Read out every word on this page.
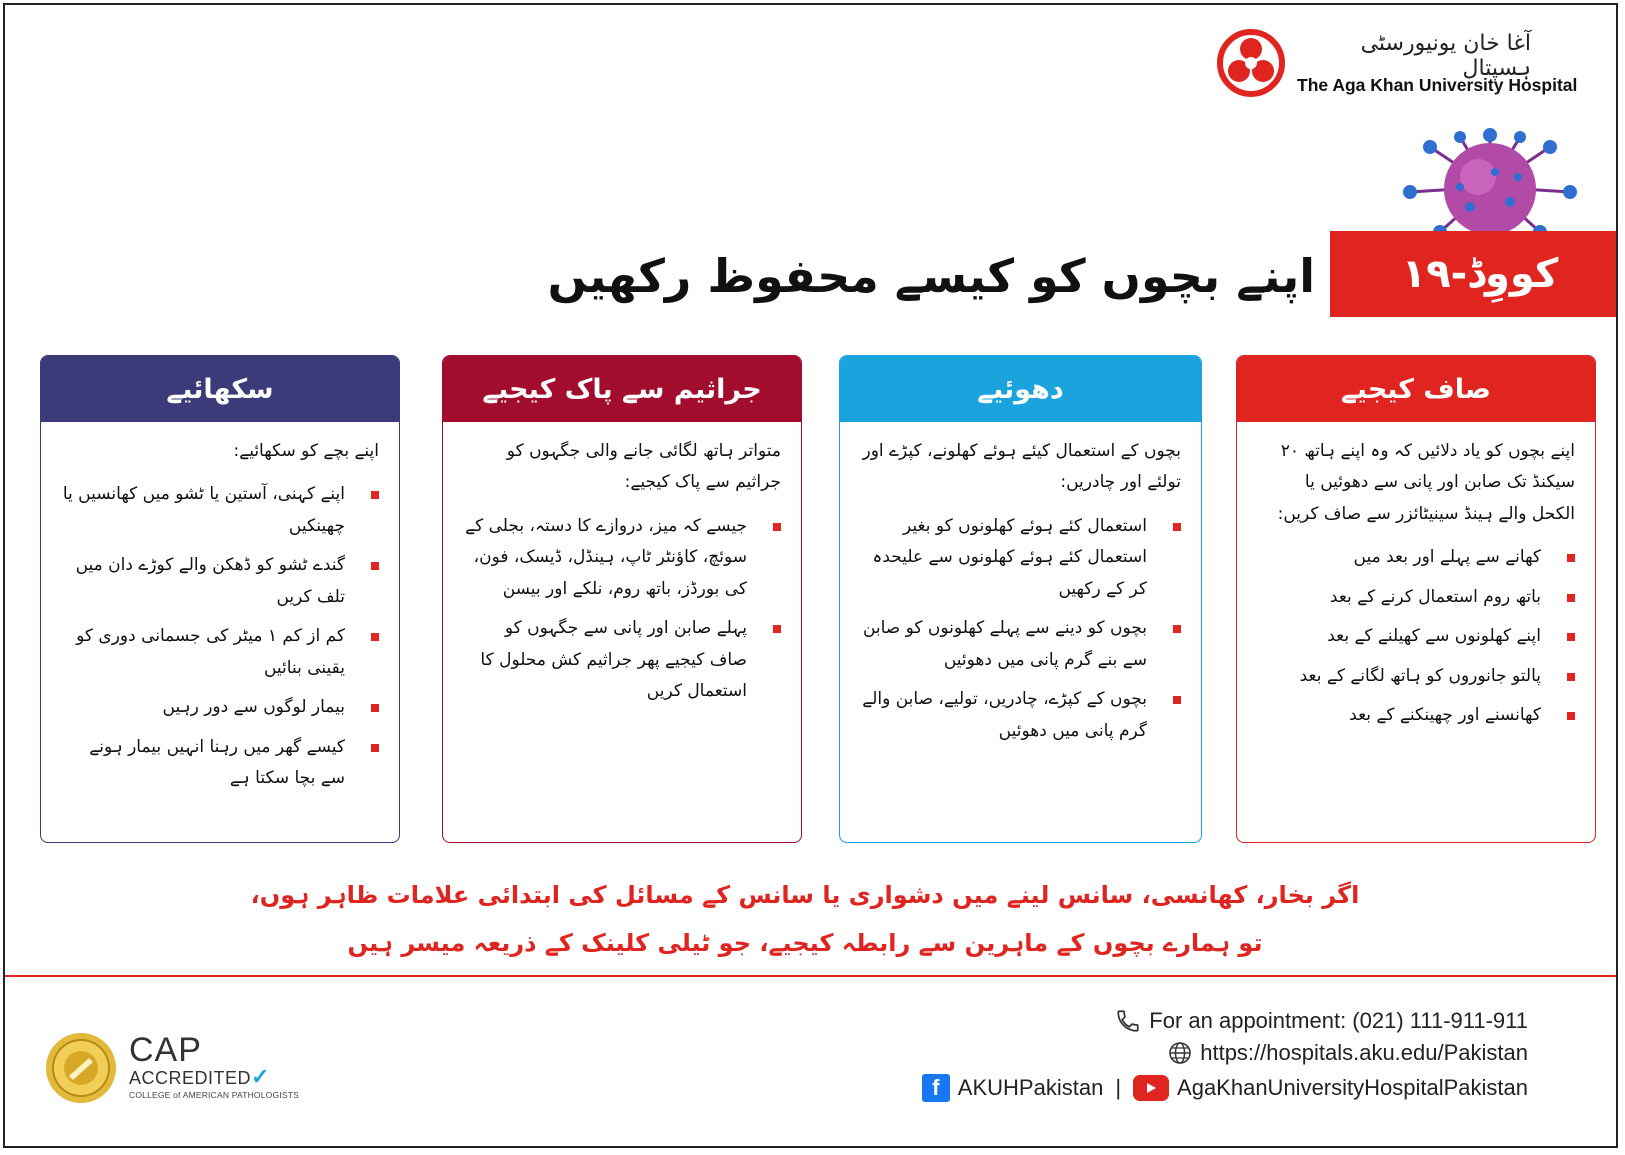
آغا خان یونیورسٹی ہسپتال
The Aga Khan University Hospital
کووِڈ-١٩
اپنے بچوں کو کیسے محفوظ رکھیں
صاف کیجیے

اپنے بچوں کو یاد دلائیں کہ وہ اپنے ہاتھ ۲۰ سیکنڈ تک صابن اور پانی سے دھوئیں یا الکحل والے ہینڈ سینیٹائزر سے صاف کریں:

کھانے سے پہلے اور بعد میں
باتھ روم استعمال کرنے کے بعد
اپنے کھلونوں سے کھیلنے کے بعد
پالتو جانوروں کو ہاتھ لگانے کے بعد
کھانسنے اور چھینکنے کے بعد
دھوئیے

بچوں کے استعمال کیئے ہوئے کھلونے، کپڑے اور تولئے اور چادریں:

استعمال کئے ہوئے کھلونوں کو بغیر استعمال کئے ہوئے کھلونوں سے علیحدہ کر کے رکھیں
بچوں کو دینے سے پہلے کھلونوں کو صابن سے بنے گرم پانی میں دھوئیں
بچوں کے کپڑے، چادریں، تولیے، صابن والے گرم پانی میں دھوئیں
جراثیم سے پاک کیجیے

متواتر ہاتھ لگائی جانے والی جگہوں کو جراثیم سے پاک کیجیے:

جیسے کہ میز، دروازے کا دستہ، بجلی کے سوئچ، کاؤنٹر ٹاپ، ہینڈل، ڈیسک، فون، کی بورڈز، باتھ روم، نلکے اور بیسن
پہلے صابن اور پانی سے جگہوں کو صاف کیجیے پھر جراثیم کش محلول کا استعمال کریں
سکھائیے

اپنے بچے کو سکھائیے:

اپنے کہنی، آستین یا ٹشو میں کھانسیں یا چھینکیں
گندے ٹشو کو ڈھکن والے کوڑے دان میں تلف کریں
کم از کم ١ میٹر کی جسمانی دوری کو یقینی بنائیں
بیمار لوگوں سے دور رہیں
کیسے گھر میں رہنا انہیں بیمار ہونے سے بچا سکتا ہے
اگر بخار، کھانسی، سانس لینے میں دشواری یا سانس کے مسائل کی ابتدائی علامات ظاہر ہوں،
تو ہمارے بچوں کے ماہرین سے رابطہ کیجیے، جو ٹیلی کلینک کے ذریعہ میسر ہیں
CAP
ACCREDITED✓
COLLEGE of AMERICAN PATHOLOGISTS
For an appointment: (021) 111-911-911
https://hospitals.aku.edu/Pakistan
f AKUHPakistan |	AgaKhanUniversityHospitalPakistan
